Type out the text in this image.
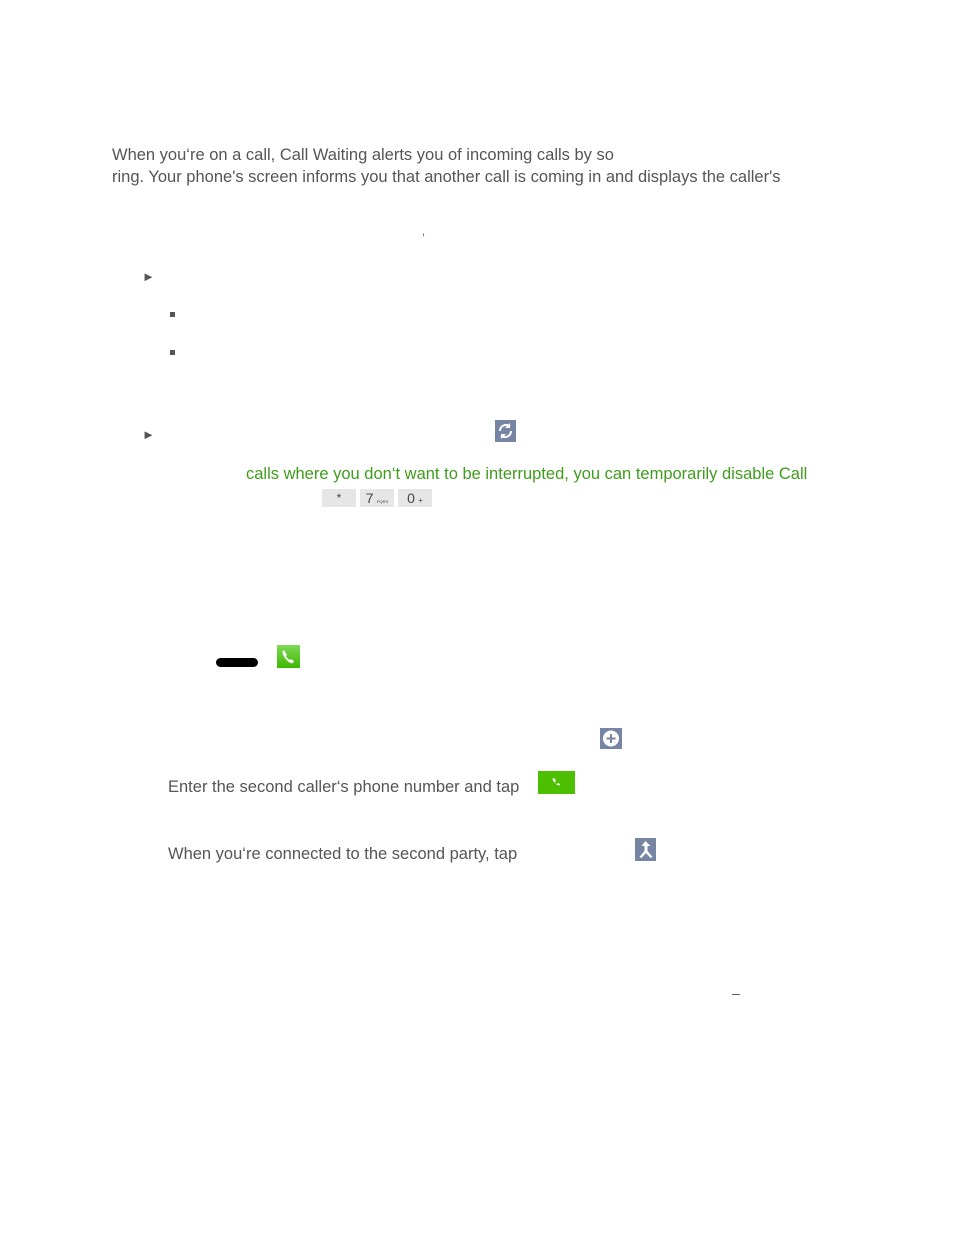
When you‘re on a call, Call Waiting alerts you of incoming calls by so
ring. Your phone's screen informs you that another call is coming in and displays the caller's
,
►
►
calls where you don‘t want to be interrupted, you can temporarily disable Call
*	7 PQRS	0 +
Enter the second caller‘s phone number and tap
When you‘re connected to the second party, tap
–
